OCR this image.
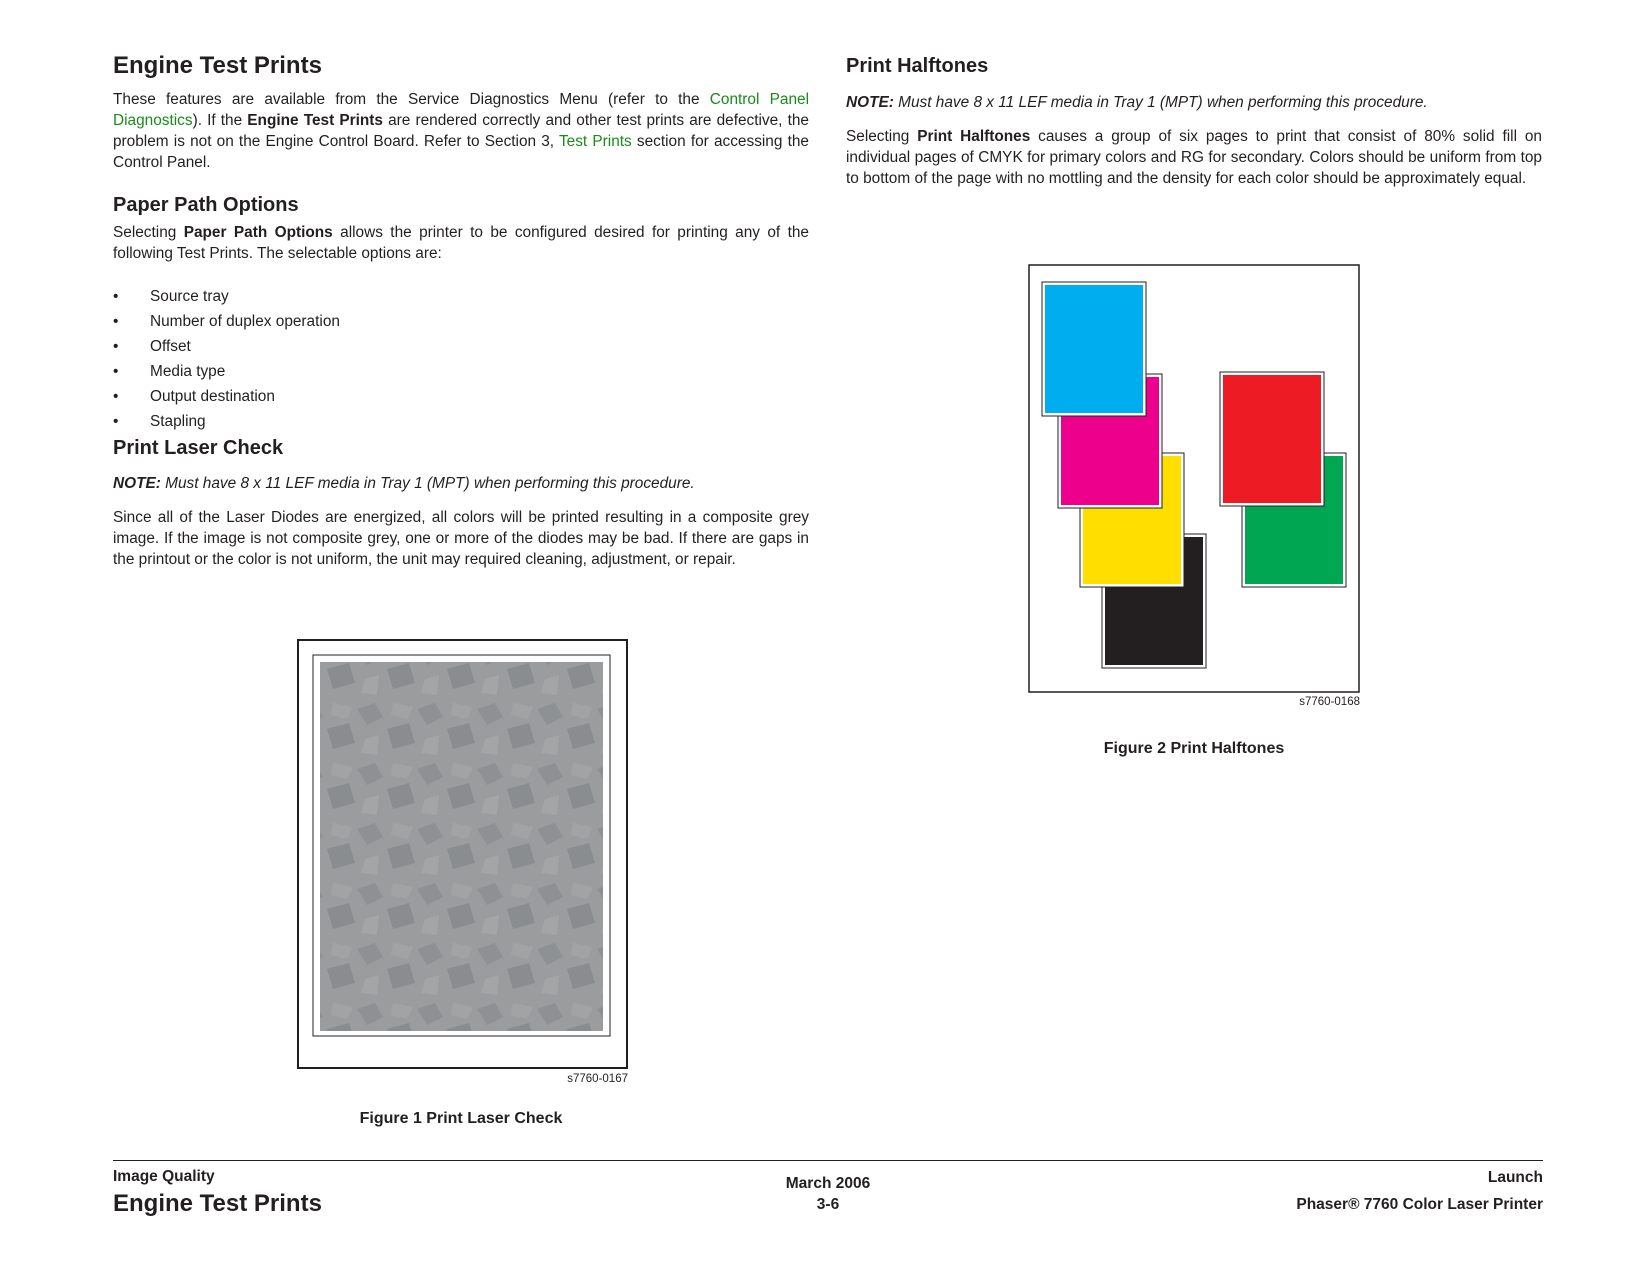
Engine Test Prints

These features are available from the Service Diagnostics Menu (refer to the Control Panel Diagnostics). If the Engine Test Prints are rendered correctly and other test prints are defective, the problem is not on the Engine Control Board. Refer to Section 3, Test Prints section for accessing the Control Panel.

Paper Path Options

Selecting Paper Path Options allows the printer to be configured desired for printing any of the following Test Prints. The selectable options are:

• Source tray
• Number of duplex operation
• Offset
• Media type
• Output destination
• Stapling
Print Laser Check

NOTE: Must have 8 x 11 LEF media in Tray 1 (MPT) when performing this procedure.

Since all of the Laser Diodes are energized, all colors will be printed resulting in a composite grey image. If the image is not composite grey, one or more of the diodes may be bad. If there are gaps in the printout or the color is not uniform, the unit may required cleaning, adjustment, or repair.

s7760-0167
Figure 1 Print Laser Check
Print Halftones

NOTE: Must have 8 x 11 LEF media in Tray 1 (MPT) when performing this procedure.

Selecting Print Halftones causes a group of six pages to print that consist of 80% solid fill on individual pages of CMYK for primary colors and RG for secondary. Colors should be uniform from top to bottom of the page with no mottling and the density for each color should be approximately equal.

s7760-0168
Figure 2 Print Halftones
Image Quality
Engine Test Prints
March 2006
3-6
Launch
Phaser® 7760 Color Laser Printer
